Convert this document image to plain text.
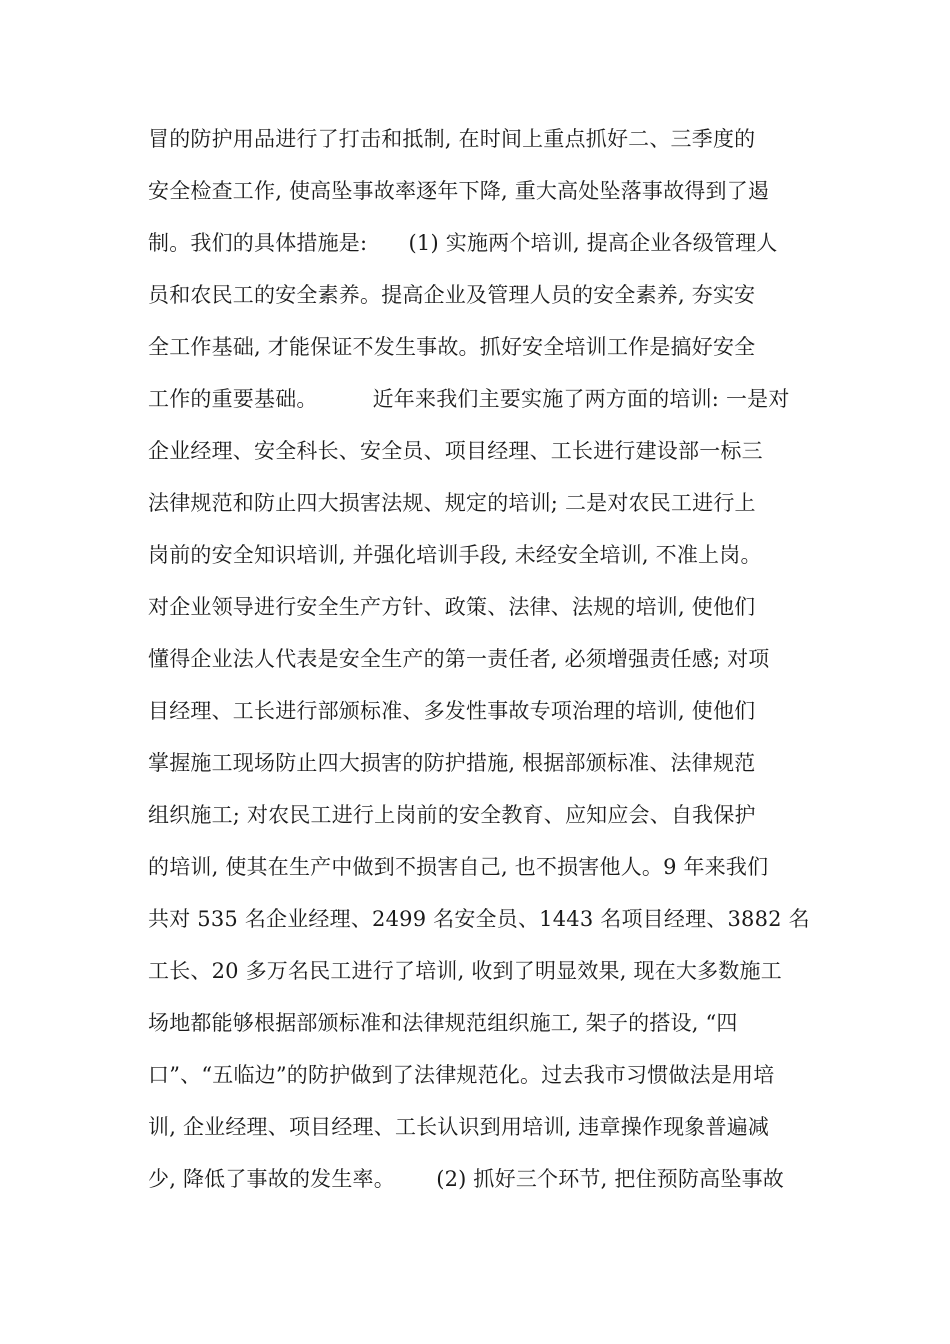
冒的防护用品进行了打击和抵制, 在时间上重点抓好二、三季度的
安全检查工作, 使高坠事故率逐年下降, 重大高处坠落事故得到了遏
制。我们的具体措施是:      (1) 实施两个培训, 提高企业各级管理人
员和农民工的安全素养。提高企业及管理人员的安全素养, 夯实安
全工作基础, 才能保证不发生事故。抓好安全培训工作是搞好安全
工作的重要基础。        近年来我们主要实施了两方面的培训: 一是对
企业经理、安全科长、安全员、项目经理、工长进行建设部一标三
法律规范和防止四大损害法规、规定的培训; 二是对农民工进行上
岗前的安全知识培训, 并强化培训手段, 未经安全培训, 不准上岗。
对企业领导进行安全生产方针、政策、法律、法规的培训, 使他们
懂得企业法人代表是安全生产的第一责任者, 必须增强责任感; 对项
目经理、工长进行部颁标准、多发性事故专项治理的培训, 使他们
掌握施工现场防止四大损害的防护措施, 根据部颁标准、法律规范
组织施工; 对农民工进行上岗前的安全教育、应知应会、自我保护
的培训, 使其在生产中做到不损害自己, 也不损害他人。9 年来我们
共对 535 名企业经理、2499 名安全员、1443 名项目经理、3882 名
工长、20 多万名民工进行了培训, 收到了明显效果, 现在大多数施工
场地都能够根据部颁标准和法律规范组织施工, 架子的搭设, “四
口”、“五临边”的防护做到了法律规范化。过去我市习惯做法是用培
训, 企业经理、项目经理、工长认识到用培训, 违章操作现象普遍减
少, 降低了事故的发生率。      (2) 抓好三个环节, 把住预防高坠事故
